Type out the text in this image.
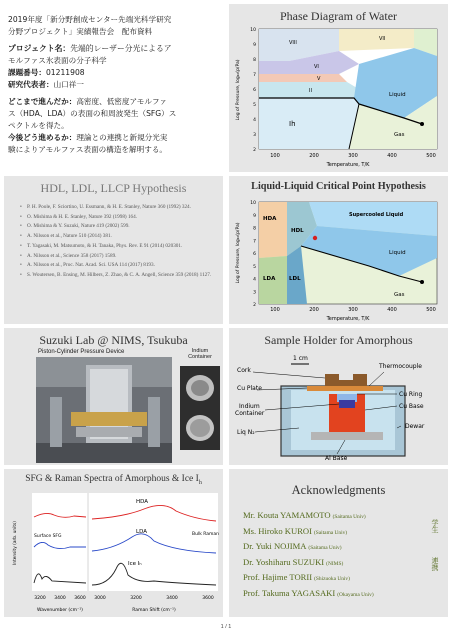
2019年度「新分野創成センター先端光科学研究
分野プロジェクト」実績報告会　配布資料
プロジェクト名：先端的レーザー分光によるア
モルファス氷表面の分子科学
課題番号：01211908
研究代表者：山口祥一
どこまで進んだか：高密度、低密度アモルファ
ス（HDA、LDA）の表面の和周波発生（SFG）ス
ペクトルを得た。
今後どう進めるか：理論との連携と新規分光実
験によりアモルファス表面の構造を解明する。
Phase Diagram of Water
VIII
VII
VI
V
II
Liquid
Ih
Gas
Log of Pressure, log₁₀(p/Pa)
Temperature, T/K
10
9
8
7
6
5
4
3
2
100	200	300	400	500
HDL, LDL, LLCP Hypothesis
• P. H. Poole, F. Sciortino, U. Essmann, & H. E. Stanley, Nature 360 (1992) 324.
• O. Mishima & H. E. Stanley, Nature 392 (1998) 164.
• O. Mishima & Y. Suzuki, Nature 419 (2002) 599.
• A. Nilsson et al., Nature 510 (2014) 381.
• T. Yagasaki, M. Matsumoto, & H. Tanaka, Phys. Rev. E 91 (2014) 020301.
• A. Nilsson et al., Science 358 (2017) 1589.
• A. Nilsson et al., Proc. Nat. Acad. Sci. USA 114 (2017) 8193.
• S. Woutersen, B. Ensing, M. Hilbers, Z. Zhao, & C. A. Angell, Science 359 (2018) 1127.
Liquid-Liquid Critical Point Hypothesis
HDA
HDL
LDA LDL
Supercooled Liquid
Liquid
Gas
Log of Pressure, log₁₀(p/Pa)
Temperature, T/K
10
9
8
7
6
5
4
3
2
100	200	300	400	500
Suzuki Lab @ NIMS, Tsukuba
Piston-Cylinder Pressure Device	Indium
Container
Sample Holder for Amorphous
1 cm
Cork
Cu Plate
Indium
Container
Liq N₂
Thermocouple
Cu Ring
Cu Base
Dewar
Al Base
SFG & Raman Spectra of Amorphous & Ice $I_h$
HDA
LDA
Ice Iₕ
Surface SFG	Bulk Raman
Intensity (arb. units)
Wavenumber (cm⁻¹)	Raman Shift (cm⁻¹)
3200 3400 3600 3000	3200	3400	3600
Acknowledgments
Mr. Kouta YAMAMOTO (Saitama Univ)
Ms. Hiroko KUROI (Saitama Univ)
Dr. Yuki NOJIMA (Saitama Univ)
Dr. Yoshiharu SUZUKI (NIMS)
Prof. Hajime TORII (Shizuoka Univ)
Prof. Takuma YAGASAKI (Okayama Univ)
学生
連携
1 / 1
